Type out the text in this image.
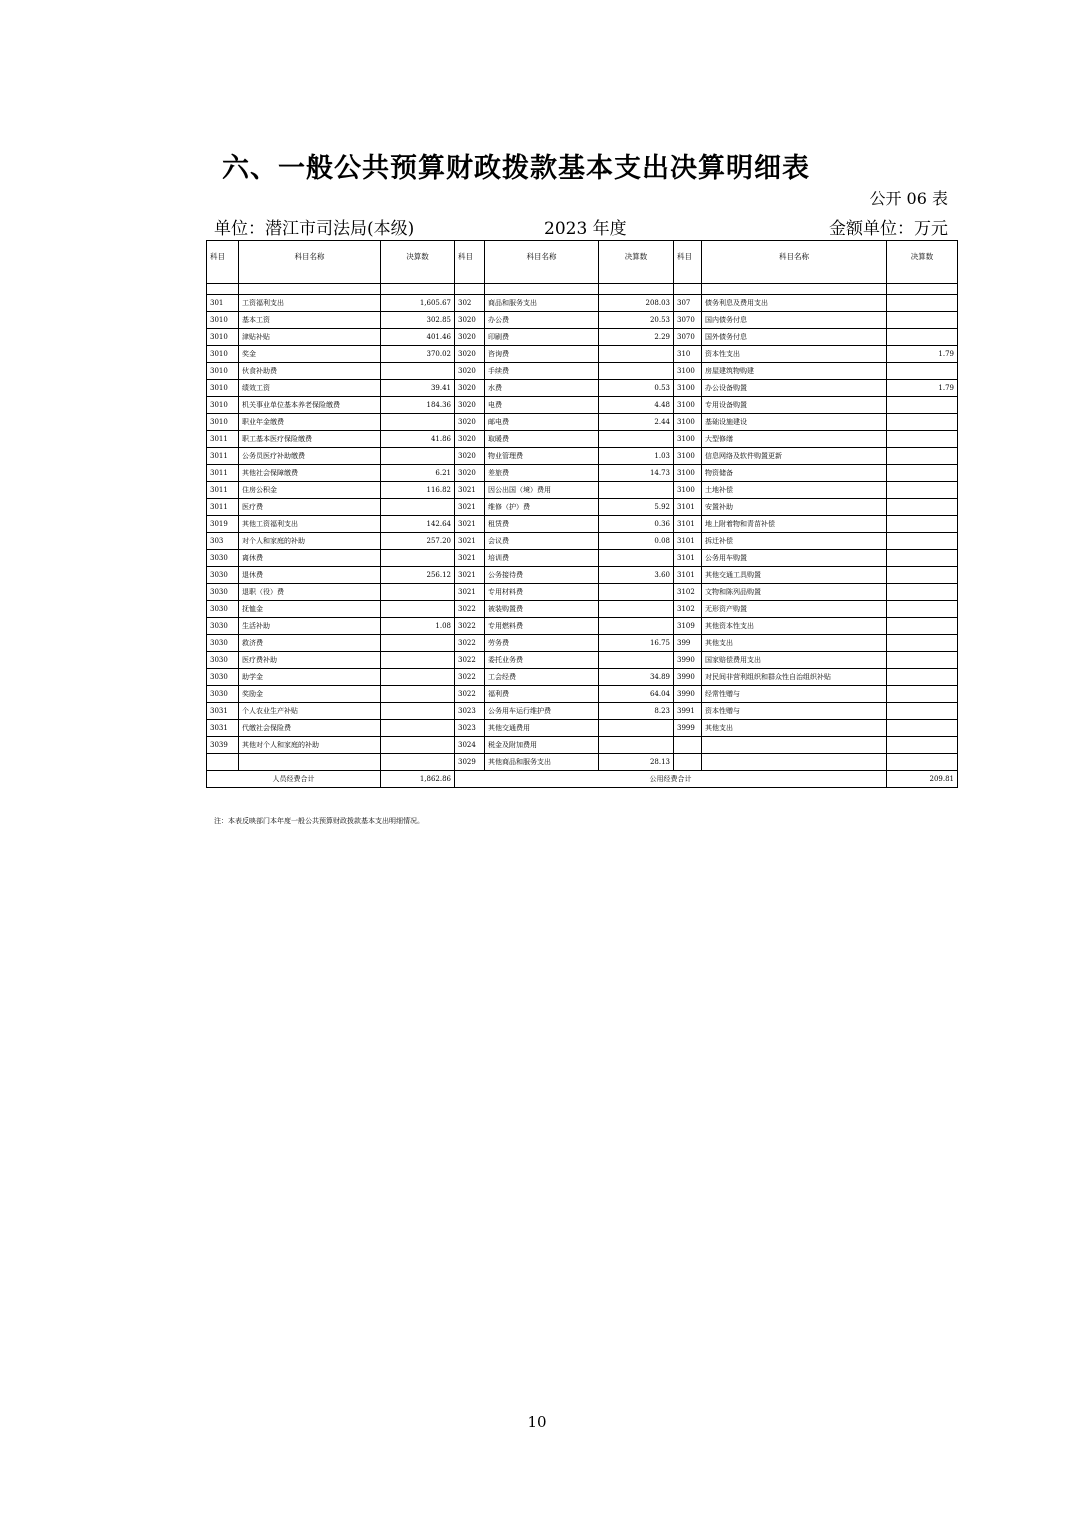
六、一般公共预算财政拨款基本支出决算明细表
公开 06 表
单位：潜江市司法局(本级)	2023 年度	金额单位：万元
科目	科目名称	决算数	科目	科目名称	决算数	科目	科目名称	决算数

301	工资福利支出	1,605.67	302	商品和服务支出	208.03	307	债务利息及费用支出	
3010	基本工资	302.85	3020	办公费	20.53	3070	国内债务付息	
3010	津贴补贴	401.46	3020	印刷费	2.29	3070	国外债务付息	
3010	奖金	370.02	3020	咨询费		310	资本性支出	1.79
3010	伙食补助费		3020	手续费		3100	房屋建筑物购建	
3010	绩效工资	39.41	3020	水费	0.53	3100	办公设备购置	1.79
3010	机关事业单位基本养老保险缴费	184.36	3020	电费	4.48	3100	专用设备购置	
3010	职业年金缴费		3020	邮电费	2.44	3100	基础设施建设	
3011	职工基本医疗保险缴费	41.86	3020	取暖费		3100	大型修缮	
3011	公务员医疗补助缴费		3020	物业管理费	1.03	3100	信息网络及软件购置更新	
3011	其他社会保障缴费	6.21	3020	差旅费	14.73	3100	物资储备	
3011	住房公积金	116.82	3021	因公出国（境）费用		3100	土地补偿	
3011	医疗费		3021	维修（护）费	5.92	3101	安置补助	
3019	其他工资福利支出	142.64	3021	租赁费	0.36	3101	地上附着物和青苗补偿	
303	对个人和家庭的补助	257.20	3021	会议费	0.08	3101	拆迁补偿	
3030	离休费		3021	培训费		3101	公务用车购置	
3030	退休费	256.12	3021	公务接待费	3.60	3101	其他交通工具购置	
3030	退职（役）费		3021	专用材料费		3102	文物和陈列品购置	
3030	抚恤金		3022	被装购置费		3102	无形资产购置	
3030	生活补助	1.08	3022	专用燃料费		3109	其他资本性支出	
3030	救济费		3022	劳务费	16.75	399	其他支出	
3030	医疗费补助		3022	委托业务费		3990	国家赔偿费用支出	
3030	助学金		3022	工会经费	34.89	3990	对民间非营利组织和群众性自治组织补贴	
3030	奖励金		3022	福利费	64.04	3990	经常性赠与	
3031	个人农业生产补贴		3023	公务用车运行维护费	8.23	3991	资本性赠与	
3031	代缴社会保险费		3023	其他交通费用		3999	其他支出	
3039	其他对个人和家庭的补助		3024	税金及附加费用				
			3029	其他商品和服务支出	28.13			
人员经费合计		1,862.86	公用经费合计					209.81
注：本表反映部门本年度一般公共预算财政拨款基本支出明细情况。
10
